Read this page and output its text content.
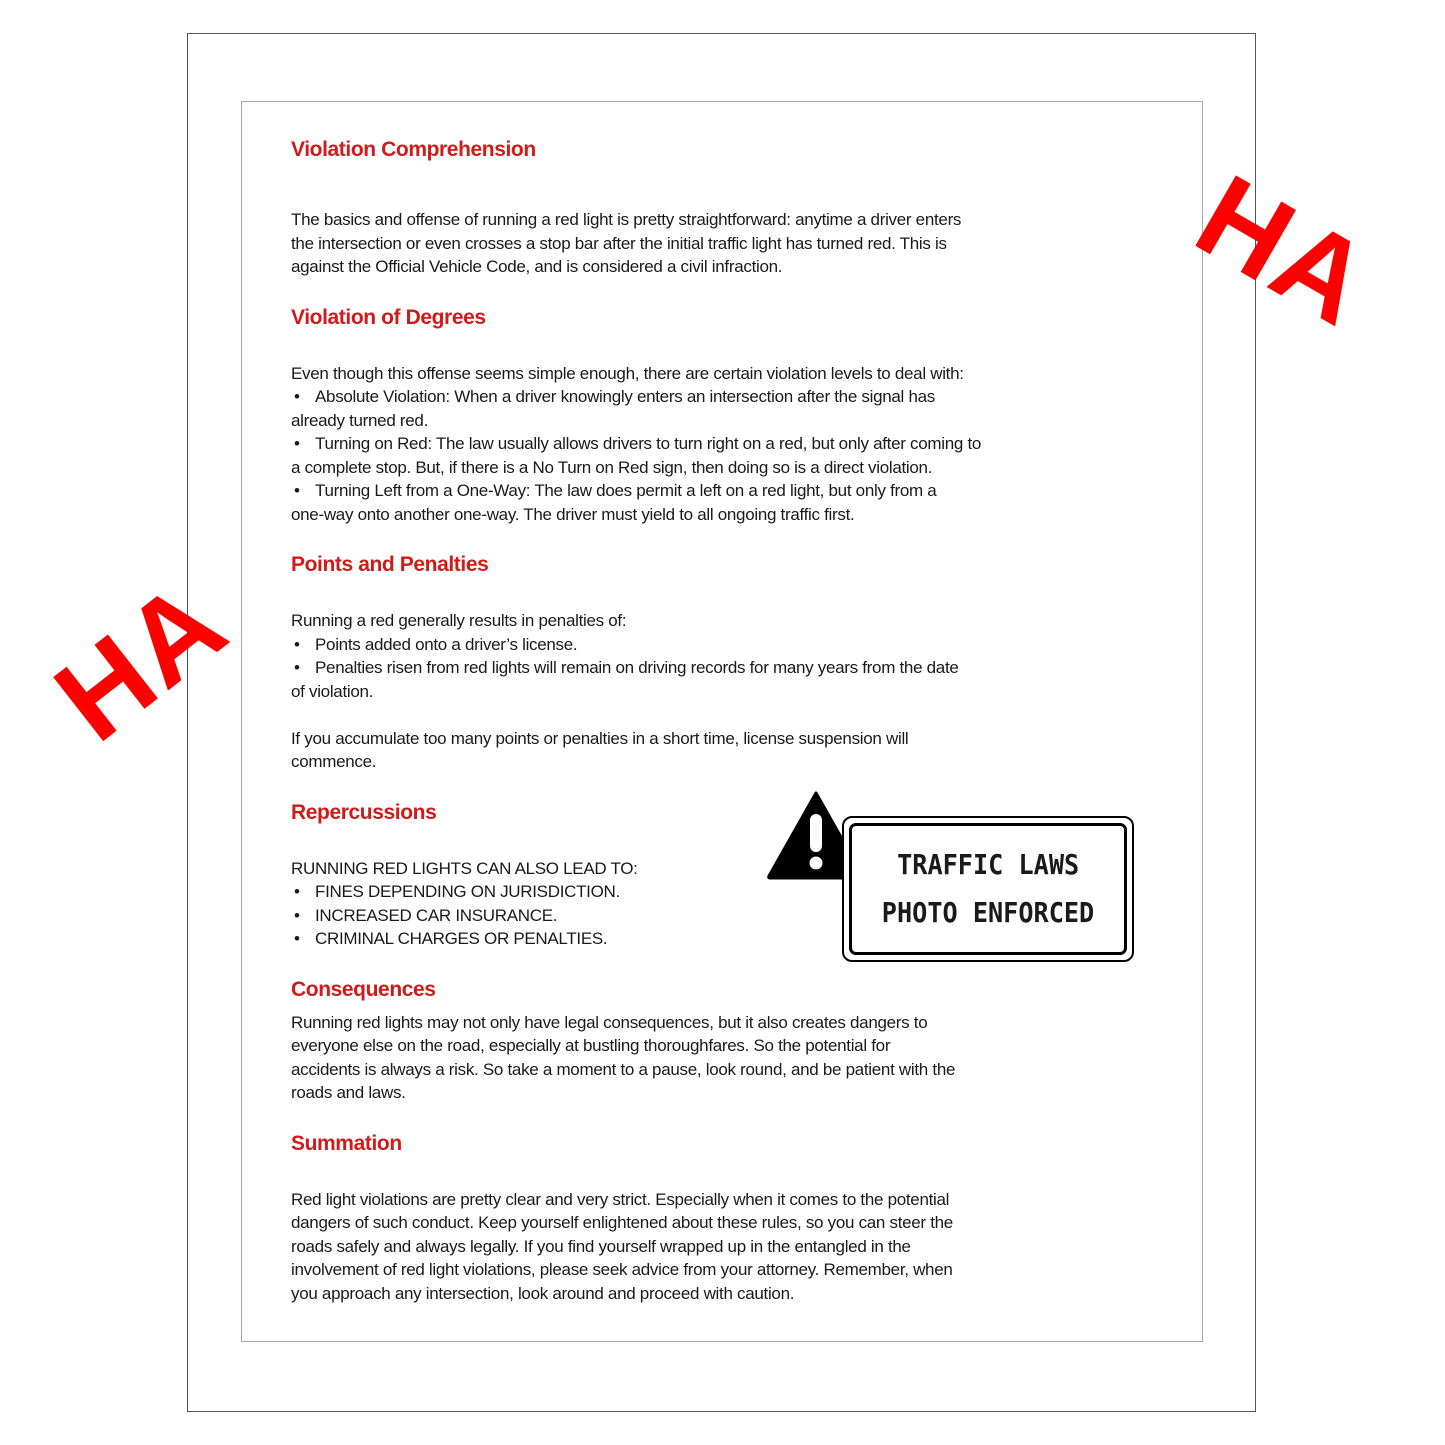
HA
HA
Violation Comprehension

The basics and offense of running a red light is pretty straightforward: anytime a driver enters
the intersection or even crosses a stop bar after the initial traffic light has turned red. This is
against the Official Vehicle Code, and is considered a civil infraction.

Violation of Degrees

Even though this offense seems simple enough, there are certain violation levels to deal with:
• Absolute Violation: When a driver knowingly enters an intersection after the signal has
already turned red.
• Turning on Red: The law usually allows drivers to turn right on a red, but only after coming to
a complete stop. But, if there is a No Turn on Red sign, then doing so is a direct violation.
• Turning Left from a One-Way: The law does permit a left on a red light, but only from a
one-way onto another one-way. The driver must yield to all ongoing traffic first.

Points and Penalties

Running a red generally results in penalties of:
• Points added onto a driver’s license.
• Penalties risen from red lights will remain on driving records for many years from the date
of violation.

If you accumulate too many points or penalties in a short time, license suspension will
commence.

Repercussions

RUNNING RED LIGHTS CAN ALSO LEAD TO:
• FINES DEPENDING ON JURISDICTION.
• INCREASED CAR INSURANCE.
• CRIMINAL CHARGES OR PENALTIES.

Consequences

Running red lights may not only have legal consequences, but it also creates dangers to
everyone else on the road, especially at bustling thoroughfares. So the potential for
accidents is always a risk. So take a moment to a pause, look round, and be patient with the
roads and laws.

Summation

Red light violations are pretty clear and very strict. Especially when it comes to the potential
dangers of such conduct. Keep yourself enlightened about these rules, so you can steer the
roads safely and always legally. If you find yourself wrapped up in the entangled in the
involvement of red light violations, please seek advice from your attorney. Remember, when
you approach any intersection, look around and proceed with caution.

TRAFFIC LAWS
PHOTO ENFORCED
